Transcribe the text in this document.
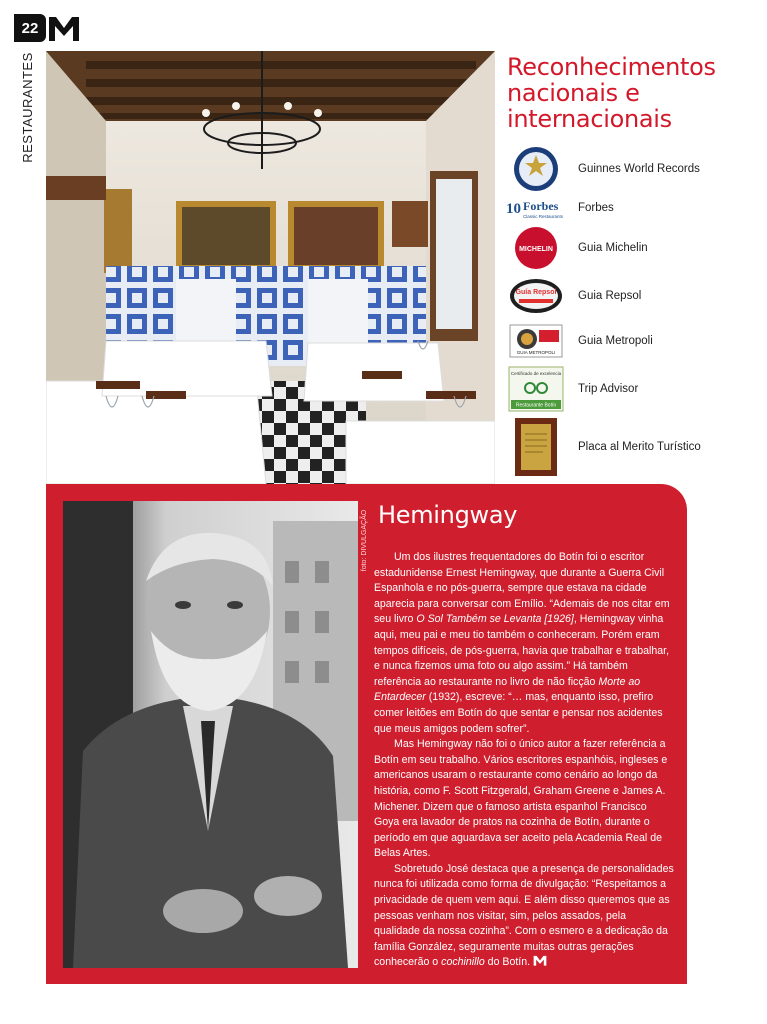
22
RESTAURANTES	Reconhecimentos nacionais e internacionais
Guinnes World Records
10 Forbes
Classic Restaurants
Forbes
MICHELIN Guia Michelin
Guía Repsol Guia Repsol
GUIA METROPOLI
Guia Metropoli
Certificado de excelencia
Restaurante Botín
Trip Advisor
Placa al Merito Turístico
foto: DIVULGAÇÃO Hemingway

Um dos ilustres frequentadores do Botín foi o escritor estadunidense Ernest Hemingway, que durante a Guerra Civil Espanhola e no pós-guerra, sempre que estava na cidade aparecia para conversar com Emílio. “Ademais de nos citar em seu livro O Sol Também se Levanta [1926], Hemingway vinha aqui, meu pai e meu tio também o conheceram. Porém eram tempos difíceis, de pós-guerra, havia que trabalhar e trabalhar, e nunca fizemos uma foto ou algo assim.” Há também referência ao restaurante no livro de não ficção Morte ao Entardecer (1932), escreve: “… mas, enquanto isso, prefiro comer leitões em Botín do que sentar e pensar nos acidentes que meus amigos podem sofrer”.

Mas Hemingway não foi o único autor a fazer referência a Botín em seu trabalho. Vários escritores espanhóis, ingleses e americanos usaram o restaurante como cenário ao longo da história, como F. Scott Fitzgerald, Graham Greene e James A. Michener. Dizem que o famoso artista espanhol Francisco Goya era lavador de pratos na cozinha de Botín, durante o período em que aguardava ser aceito pela Academia Real de Belas Artes.

Sobretudo José destaca que a presença de personalidades nunca foi utilizada como forma de divulgação: “Respeitamos a privacidade de quem vem aqui. E além disso queremos que as pessoas venham nos visitar, sim, pelos assados, pela qualidade da nossa cozinha”. Com o esmero e a dedicação da família González, seguramente muitas outras gerações conhecerão o cochinillo do Botín.
